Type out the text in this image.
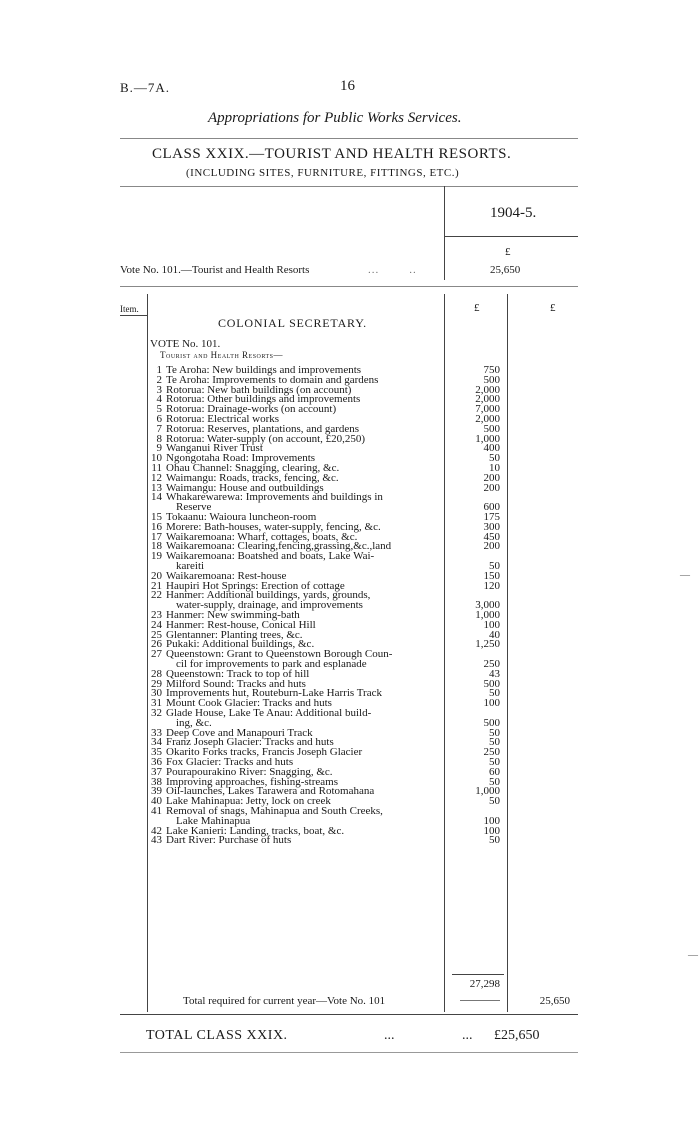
B.—7A.	16
Appropriations for Public Works Services.
CLASS XXIX.—TOURIST AND HEALTH RESORTS.
(INCLUDING SITES, FURNITURE, FITTINGS, ETC.)
1904-5.
£
Vote No. 101.—Tourist and Health Resorts	...        ..	25,650
Item.	£	£
COLONIAL SECRETARY.
VOTE No. 101.
Tourist and Health Resorts—
1 Te Aroha: New buildings and improvements	750
2 Te Aroha: Improvements to domain and gardens	500
3 Rotorua: New bath buildings (on account)	2,000
4 Rotorua: Other buildings and improvements	2,000
5 Rotorua: Drainage-works (on account)	7,000
6 Rotorua: Electrical works	2,000
7 Rotorua: Reserves, plantations, and gardens	500
8 Rotorua: Water-supply (on account, £20,250)	1,000
9 Wanganui River Trust	400
10 Ngongotaha Road: Improvements	50
11 Ohau Channel: Snagging, clearing, &c.	10
12 Waimangu: Roads, tracks, fencing, &c.	200
13 Waimangu: House and outbuildings	200
14 Whakarewarewa: Improvements and buildings in
Reserve	600
15 Tokaanu: Waioura luncheon-room	175
16 Morere: Bath-houses, water-supply, fencing, &c.	300
17 Waikaremoana: Wharf, cottages, boats, &c.	450
18 Waikaremoana: Clearing,fencing,grassing,&c.,land	200
19 Waikaremoana: Boatshed and boats, Lake Wai-
kareiti	50
20 Waikaremoana: Rest-house	150
21 Haupiri Hot Springs: Erection of cottage	120
22 Hanmer: Additional buildings, yards, grounds,
water-supply, drainage, and improvements	3,000
23 Hanmer: New swimming-bath	1,000
24 Hanmer: Rest-house, Conical Hill	100
25 Glentanner: Planting trees, &c.	40
26 Pukaki: Additional buildings, &c.	1,250
27 Queenstown: Grant to Queenstown Borough Coun-
cil for improvements to park and esplanade	250
28 Queenstown: Track to top of hill	43
29 Milford Sound: Tracks and huts	500
30 Improvements hut, Routeburn-Lake Harris Track	50
31 Mount Cook Glacier: Tracks and huts	100
32 Glade House, Lake Te Anau: Additional build-
ing, &c.	500
33 Deep Cove and Manapouri Track	50
34 Franz Joseph Glacier: Tracks and huts	50
35 Okarito Forks tracks, Francis Joseph Glacier	250
36 Fox Glacier: Tracks and huts	50
37 Pourapourakino River: Snagging, &c.	60
38 Improving approaches, fishing-streams	50
39 Oil-launches, Lakes Tarawera and Rotomahana	1,000
40 Lake Mahinapua: Jetty, lock on creek	50
41 Removal of snags, Mahinapua and South Creeks,
Lake Mahinapua	100
42 Lake Kanieri: Landing, tracks, boat, &c.	100
43 Dart River: Purchase of huts	50
27,298
Total required for current year—Vote No. 101	25,650
TOTAL CLASS XXIX.	...	... £25,650
—
—
